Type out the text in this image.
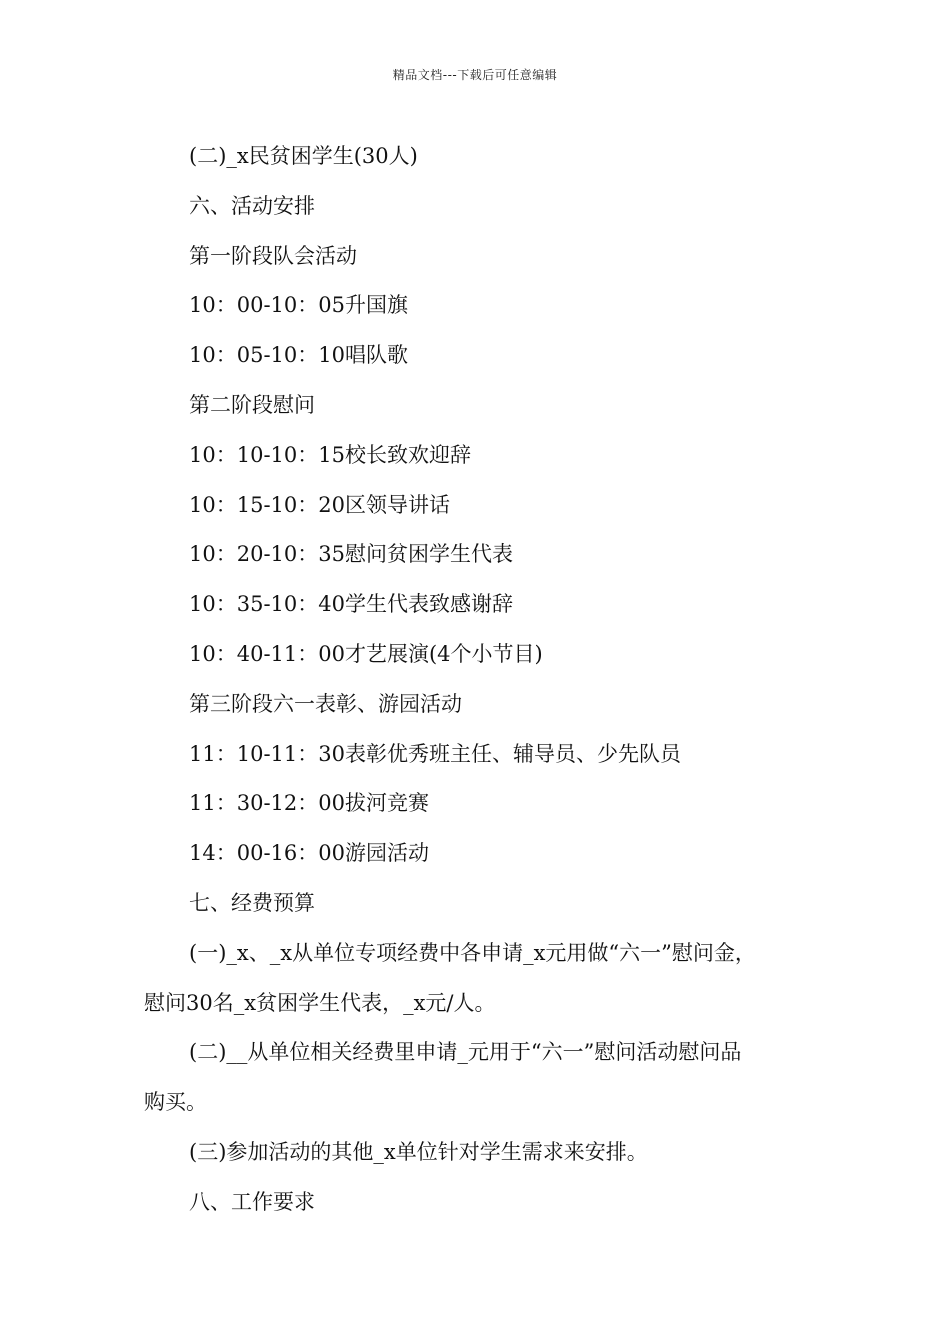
精品文档---下载后可任意编辑
(二)_x民贫困学生(30人)
六、活动安排
第一阶段队会活动
10：00-10：05升国旗
10：05-10：10唱队歌
第二阶段慰问
10：10-10：15校长致欢迎辞
10：15-10：20区领导讲话
10：20-10：35慰问贫困学生代表
10：35-10：40学生代表致感谢辞
10：40-11：00才艺展演(4个小节目)
第三阶段六一表彰、游园活动
11：10-11：30表彰优秀班主任、辅导员、少先队员
11：30-12：00拔河竞赛
14：00-16：00游园活动
七、经费预算
(一)_x、_x从单位专项经费中各申请_x元用做“六一”慰问金，
慰问30名_x贫困学生代表，_x元/人。
(二)__从单位相关经费里申请_元用于“六一”慰问活动慰问品
购买。
(三)参加活动的其他_x单位针对学生需求来安排。
八、工作要求
